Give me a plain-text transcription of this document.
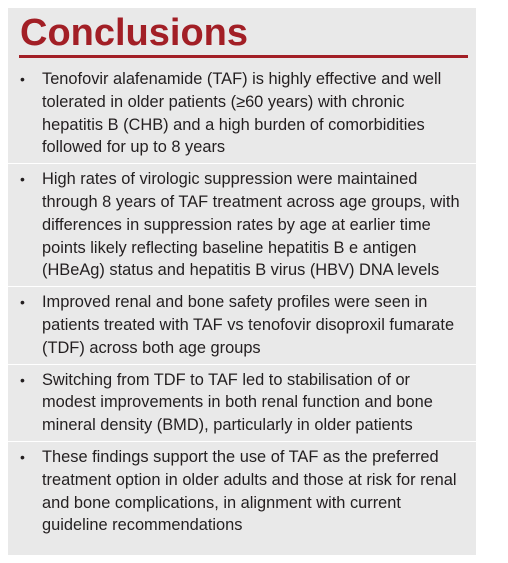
Conclusions
• Tenofovir alafenamide (TAF) is highly effective and well tolerated in older patients (≥60 years) with chronic hepatitis B (CHB) and a high burden of comorbidities followed for up to 8 years
• High rates of virologic suppression were maintained through 8 years of TAF treatment across age groups, with differences in suppression rates by age at earlier time points likely reflecting baseline hepatitis B e antigen (HBeAg) status and hepatitis B virus (HBV) DNA levels
• Improved renal and bone safety profiles were seen in patients treated with TAF vs tenofovir disoproxil fumarate (TDF) across both age groups
• Switching from TDF to TAF led to stabilisation of or modest improvements in both renal function and bone mineral density (BMD), particularly in older patients
• These findings support the use of TAF as the preferred treatment option in older adults and those at risk for renal and bone complications, in alignment with current guideline recommendations
